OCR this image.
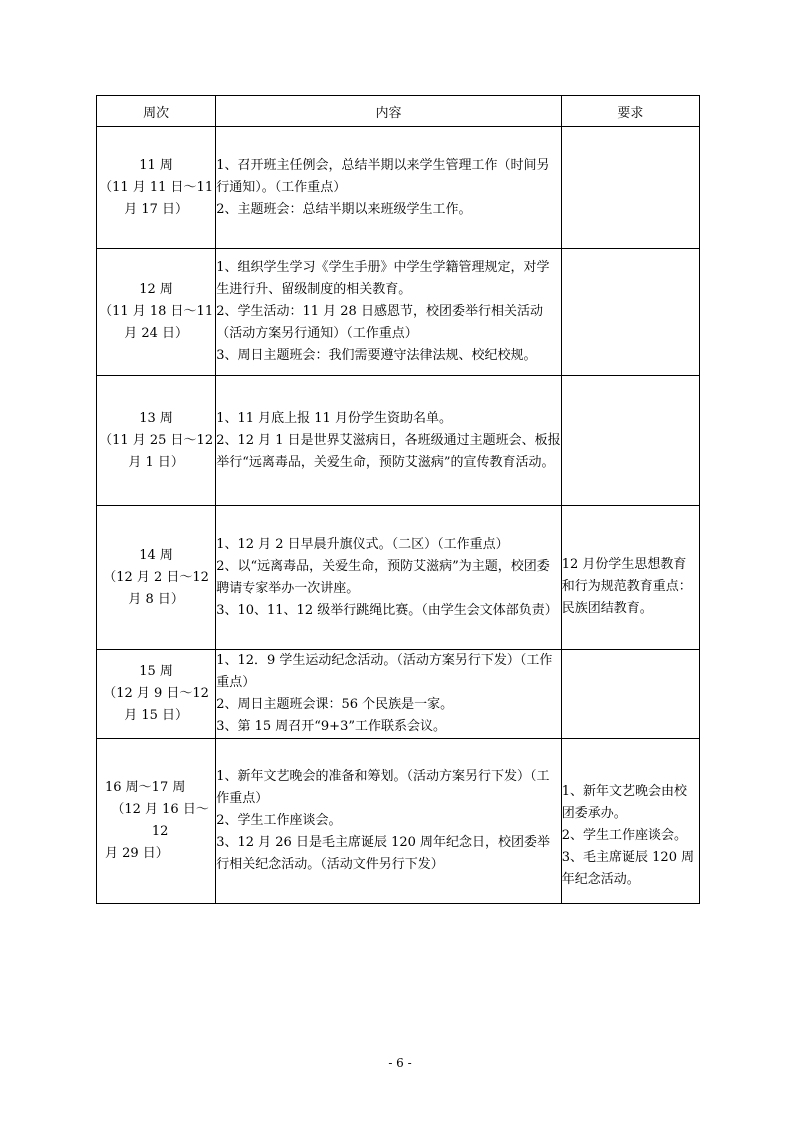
周次	内容	要求

11 周
（11 月 11 日～11
月 17 日）	1、召开班主任例会，总结半期以来学生管理工作（时间另行通知）。（工作重点）
2、主题班会：总结半期以来班级学生工作。	

12 周
（11 月 18 日～11
月 24 日）	1、组织学生学习《学生手册》中学生学籍管理规定，对学生进行升、留级制度的相关教育。
2、学生活动：11 月 28 日感恩节，校团委举行相关活动（活动方案另行通知）（工作重点）
3、周日主题班会：我们需要遵守法律法规、校纪校规。	

13 周
（11 月 25 日～12
月 1 日）	1、11 月底上报 11 月份学生资助名单。
2、12 月 1 日是世界艾滋病日，各班级通过主题班会、板报举行“远离毒品，关爱生命，预防艾滋病”的宣传教育活动。	

14 周
（12 月 2 日～12
月 8 日）	1、12 月 2 日早晨升旗仪式。（二区）（工作重点）
2、以“远离毒品，关爱生命，预防艾滋病”为主题，校团委聘请专家举办一次讲座。
3、10、11、12 级举行跳绳比赛。（由学生会文体部负责）	12 月份学生思想教育和行为规范教育重点：民族团结教育。

15 周
（12 月 9 日～12
月 15 日）	1、12．9 学生运动纪念活动。（活动方案另行下发）（工作重点）
2、周日主题班会课：56 个民族是一家。
3、第 15 周召开“9+3”工作联系会议。	

16 周～17 周
（12 月 16 日～12
月 29 日）	1、新年文艺晚会的准备和筹划。（活动方案另行下发）（工作重点）
2、学生工作座谈会。
3、12 月 26 日是毛主席诞辰 120 周年纪念日，校团委举行相关纪念活动。（活动文件另行下发）	1、新年文艺晚会由校团委承办。
2、学生工作座谈会。
3、毛主席诞辰 120 周年纪念活动。
- 6 -
